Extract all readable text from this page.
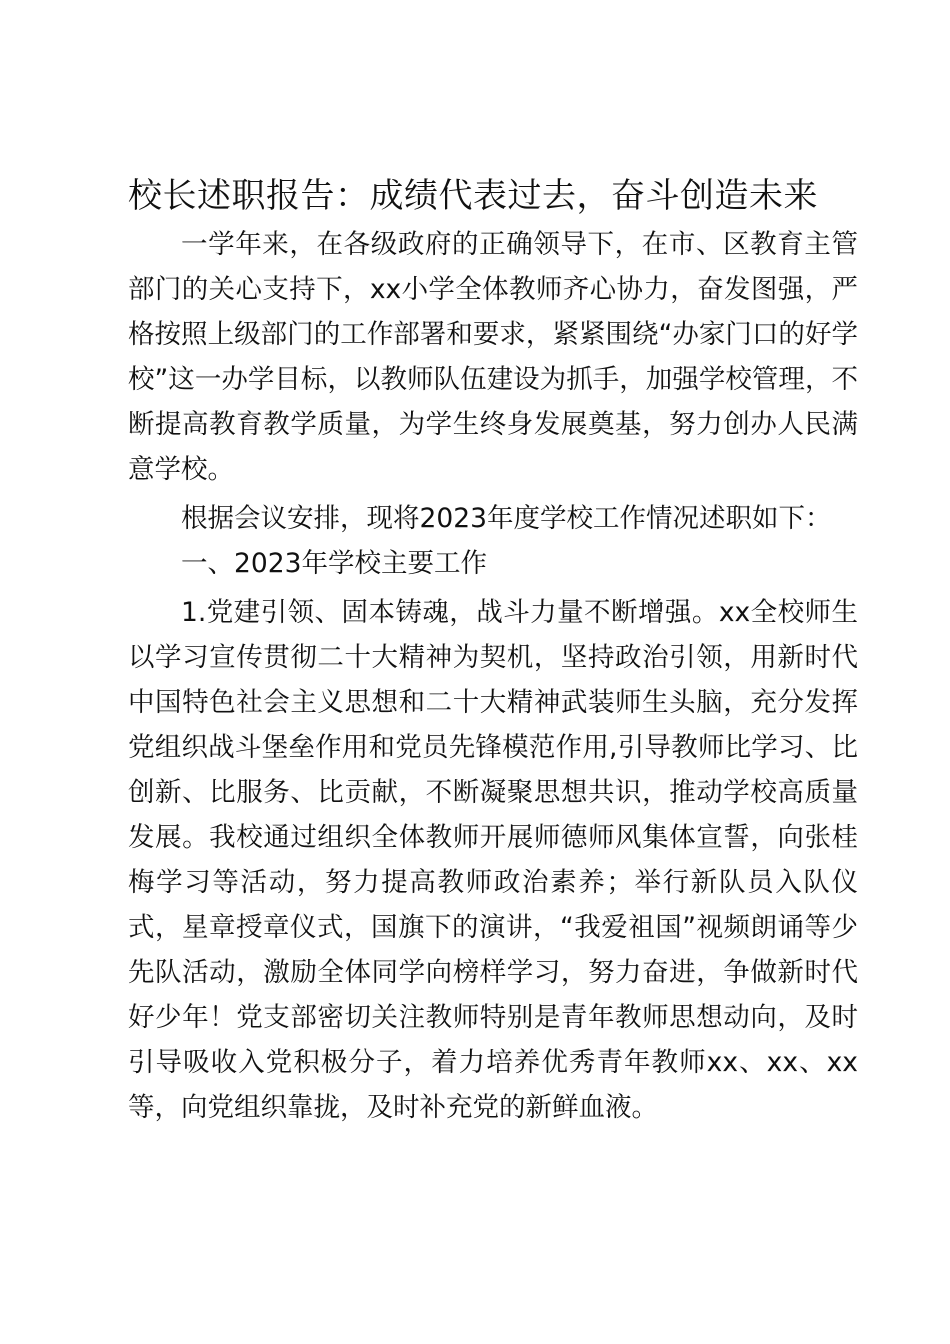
校长述职报告：成绩代表过去，奋斗创造未来

一学年来，在各级政府的正确领导下，在市、区教育主管部门的关心支持下，xx小学全体教师齐心协力，奋发图强，严格按照上级部门的工作部署和要求，紧紧围绕“办家门口的好学校”这一办学目标，以教师队伍建设为抓手，加强学校管理，不断提高教育教学质量，为学生终身发展奠基，努力创办人民满意学校。

根据会议安排，现将2023年度学校工作情况述职如下：

一、2023年学校主要工作

1.党建引领、固本铸魂，战斗力量不断增强。xx全校师生以学习宣传贯彻二十大精神为契机，坚持政治引领，用新时代中国特色社会主义思想和二十大精神武装师生头脑，充分发挥党组织战斗堡垒作用和党员先锋模范作用,引导教师比学习、比创新、比服务、比贡献，不断凝聚思想共识，推动学校高质量发展。我校通过组织全体教师开展师德师风集体宣誓，向张桂梅学习等活动，努力提高教师政治素养；举行新队员入队仪式，星章授章仪式，国旗下的演讲，“我爱祖国”视频朗诵等少先队活动，激励全体同学向榜样学习，努力奋进，争做新时代好少年！党支部密切关注教师特别是青年教师思想动向，及时引导吸收入党积极分子，着力培养优秀青年教师xx、xx、xx等，向党组织靠拢，及时补充党的新鲜血液。
